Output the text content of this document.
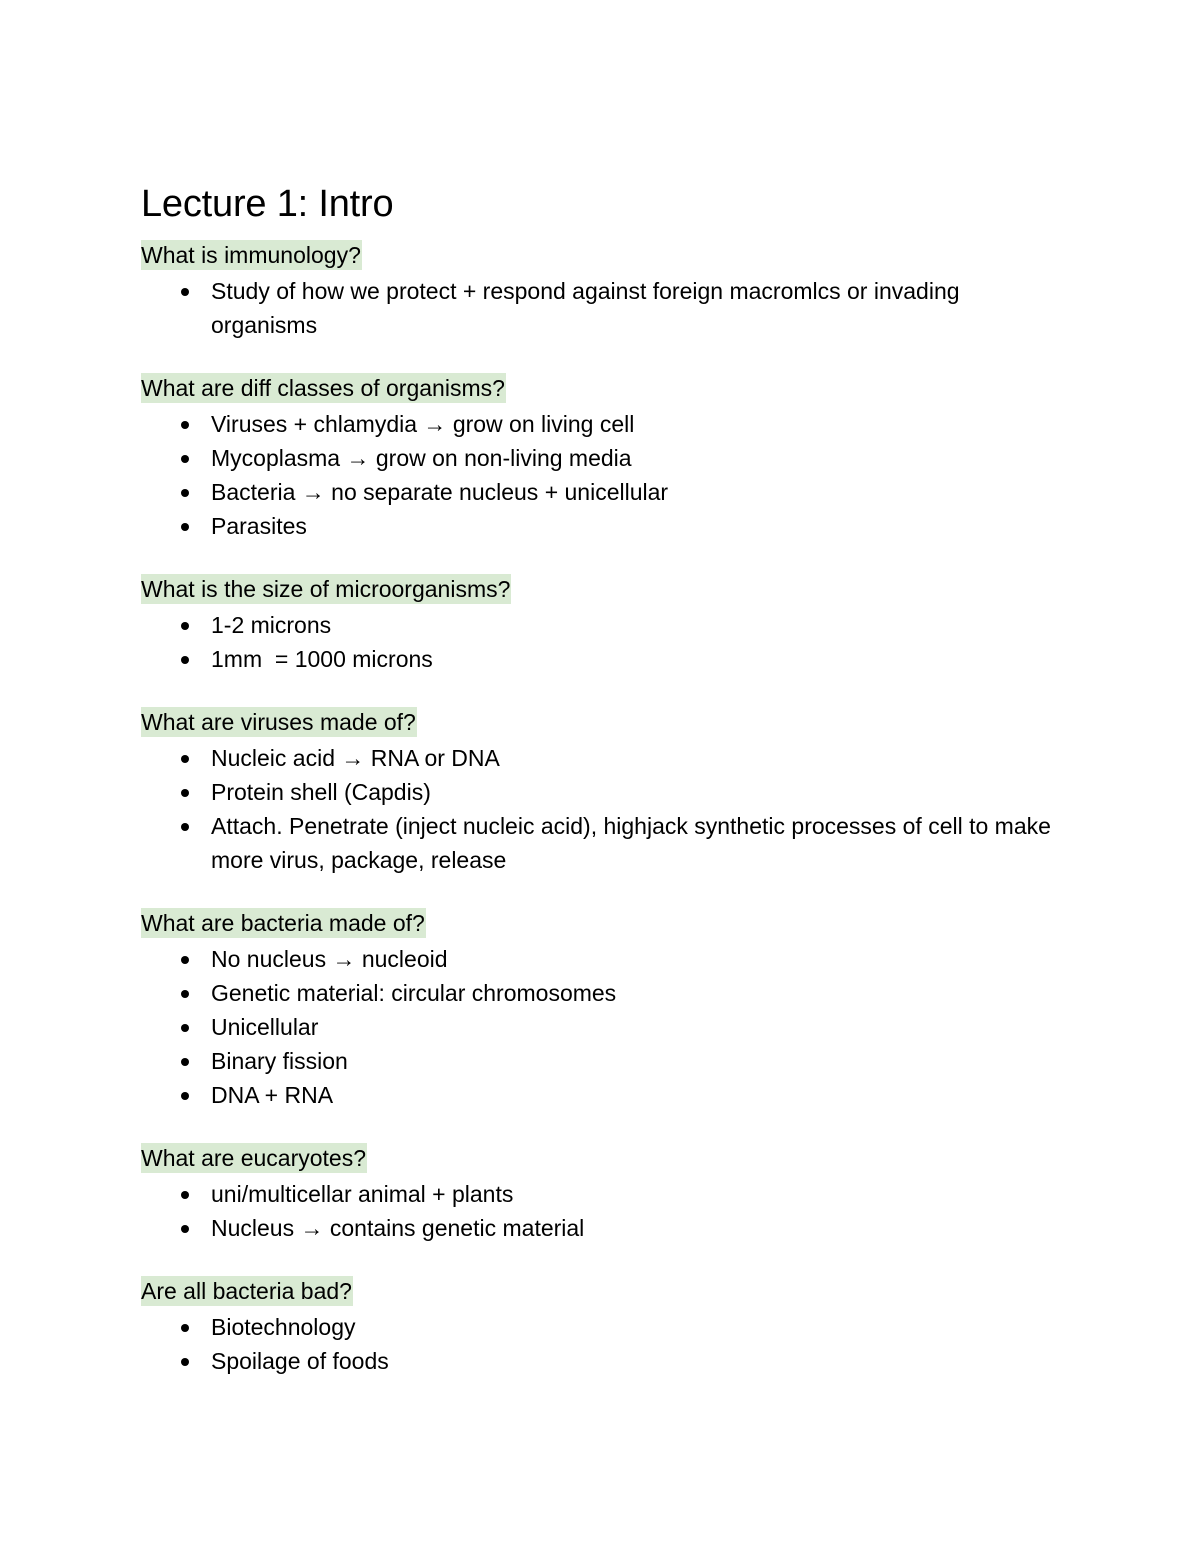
Lecture 1: Intro
What is immunology?
Study of how we protect + respond against foreign macromlcs or invading organisms
What are diff classes of organisms?
Viruses + chlamydia → grow on living cell
Mycoplasma → grow on non-living media
Bacteria → no separate nucleus + unicellular
Parasites
What is the size of microorganisms?
1-2 microns
1mm  = 1000 microns
What are viruses made of?
Nucleic acid → RNA or DNA
Protein shell (Capdis)
Attach. Penetrate (inject nucleic acid), highjack synthetic processes of cell to make more virus, package, release
What are bacteria made of?
No nucleus → nucleoid
Genetic material: circular chromosomes
Unicellular
Binary fission
DNA + RNA
What are eucaryotes?
uni/multicellar animal + plants
Nucleus → contains genetic material
Are all bacteria bad?
Biotechnology
Spoilage of foods
